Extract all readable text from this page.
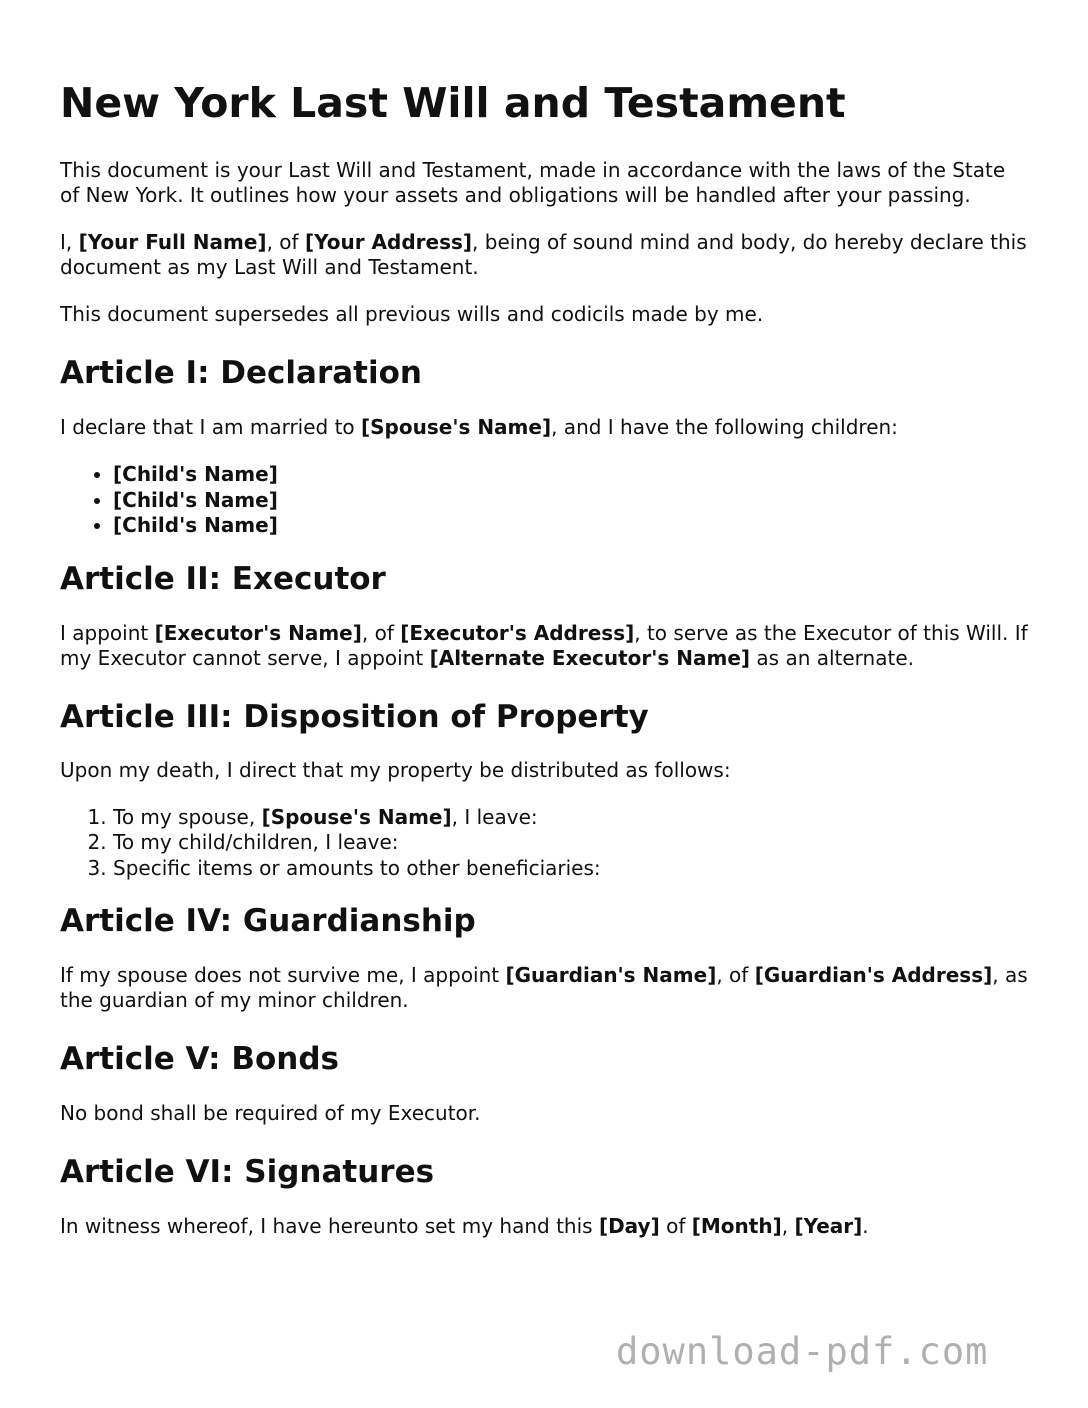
New York Last Will and Testament

This document is your Last Will and Testament, made in accordance with the laws of the State of New York. It outlines how your assets and obligations will be handled after your passing.

I, [Your Full Name], of [Your Address], being of sound mind and body, do hereby declare this document as my Last Will and Testament.

This document supersedes all previous wills and codicils made by me.

Article I: Declaration

I declare that I am married to [Spouse's Name], and I have the following children:

• [Child's Name]
• [Child's Name]
• [Child's Name]
Article II: Executor

I appoint [Executor's Name], of [Executor's Address], to serve as the Executor of this Will. If my Executor cannot serve, I appoint [Alternate Executor's Name] as an alternate.

Article III: Disposition of Property

Upon my death, I direct that my property be distributed as follows:

1. To my spouse, [Spouse's Name], I leave:
2. To my child/children, I leave:
3. Specific items or amounts to other beneficiaries:
Article IV: Guardianship

If my spouse does not survive me, I appoint [Guardian's Name], of [Guardian's Address], as the guardian of my minor children.

Article V: Bonds

No bond shall be required of my Executor.

Article VI: Signatures

In witness whereof, I have hereunto set my hand this [Day] of [Month], [Year].

download-pdf.com
